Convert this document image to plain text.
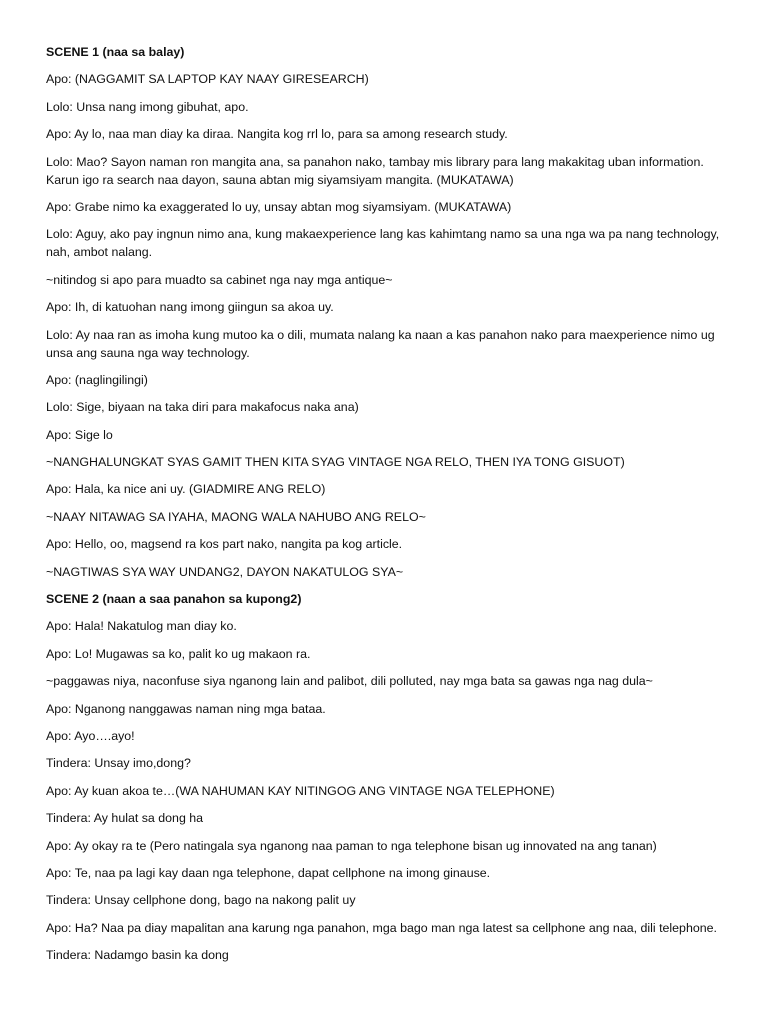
SCENE 1 (naa sa balay)

Apo: (NAGGAMIT SA LAPTOP KAY NAAY GIRESEARCH)

Lolo: Unsa nang imong gibuhat, apo.

Apo: Ay lo, naa man diay ka diraa. Nangita kog rrl lo, para sa among research study.

Lolo: Mao? Sayon naman ron mangita ana, sa panahon nako, tambay mis library para lang makakitag uban information. Karun igo ra search naa dayon, sauna abtan mig siyamsiyam mangita. (MUKATAWA)

Apo: Grabe nimo ka exaggerated lo uy, unsay abtan mog siyamsiyam. (MUKATAWA)

Lolo: Aguy, ako pay ingnun nimo ana, kung makaexperience lang kas kahimtang namo sa una nga wa pa nang technology, nah, ambot nalang.

~nitindog si apo para muadto sa cabinet nga nay mga antique~

Apo: Ih, di katuohan nang imong giingun sa akoa uy.

Lolo: Ay naa ran as imoha kung mutoo ka o dili, mumata nalang ka naan a kas panahon nako para maexperience nimo ug unsa ang sauna nga way technology.

Apo: (naglingilingi)

Lolo: Sige, biyaan na taka diri para makafocus naka ana)

Apo: Sige lo

~NANGHALUNGKAT SYAS GAMIT THEN KITA SYAG VINTAGE NGA RELO, THEN IYA TONG GISUOT)

Apo: Hala, ka nice ani uy. (GIADMIRE ANG RELO)

~NAAY NITAWAG SA IYAHA, MAONG WALA NAHUBO ANG RELO~

Apo: Hello, oo, magsend ra kos part nako, nangita pa kog article.

~NAGTIWAS SYA WAY UNDANG2, DAYON NAKATULOG SYA~

SCENE 2 (naan a saa panahon sa kupong2)

Apo: Hala! Nakatulog man diay ko.

Apo: Lo! Mugawas sa ko, palit ko ug makaon ra.

~paggawas niya, naconfuse siya nganong lain and palibot, dili polluted, nay mga bata sa gawas nga nag dula~

Apo: Nganong nanggawas naman ning mga bataa.

Apo: Ayo….ayo!

Tindera: Unsay imo,dong?

Apo: Ay kuan akoa te…(WA NAHUMAN KAY NITINGOG ANG VINTAGE NGA TELEPHONE)

Tindera: Ay hulat sa dong ha

Apo: Ay okay ra te (Pero natingala sya nganong naa paman to nga telephone bisan ug innovated na ang tanan)

Apo: Te, naa pa lagi kay daan nga telephone, dapat cellphone na imong ginause.

Tindera: Unsay cellphone dong, bago na nakong palit uy

Apo: Ha? Naa pa diay mapalitan ana karung nga panahon, mga bago man nga latest sa cellphone ang naa, dili telephone.

Tindera: Nadamgo basin ka dong
